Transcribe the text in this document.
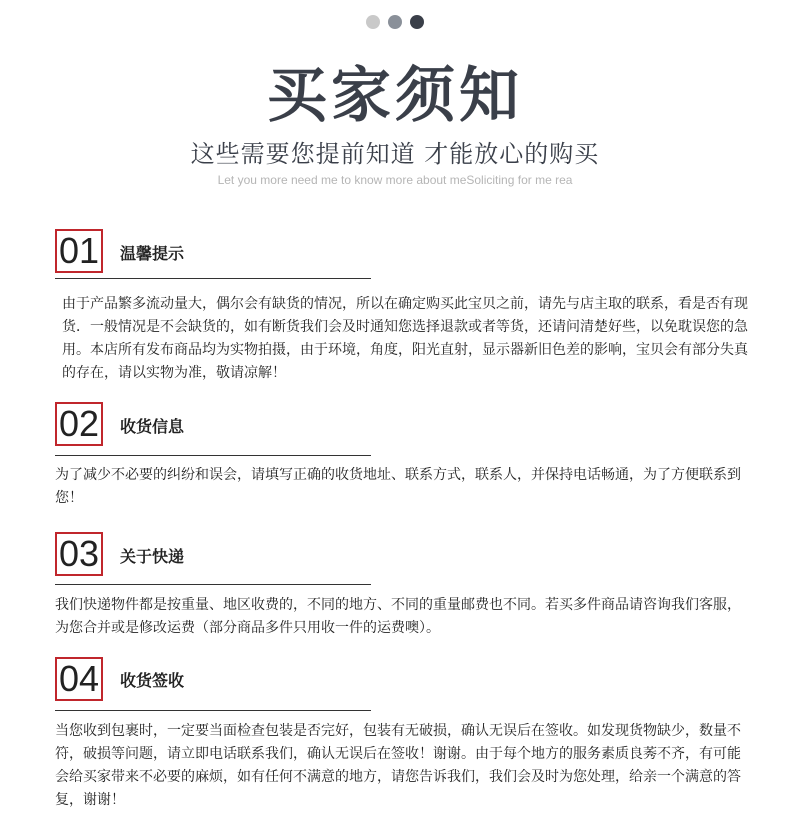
买家须知
这些需要您提前知道 才能放心的购买
Let you more need me to know more about meSoliciting for me rea
01 温馨提示
由于产品繁多流动量大，偶尔会有缺货的情况，所以在确定购买此宝贝之前，请先与店主取的联系，看是否有现货．一般情况是不会缺货的，如有断货我们会及时通知您选择退款或者等货，还请问清楚好些，以免耽误您的急用。本店所有发布商品均为实物拍摄，由于环境，角度，阳光直射，显示器新旧色差的影响，宝贝会有部分失真的存在，请以实物为准，敬请凉解！
02 收货信息
为了减少不必要的纠纷和误会，请填写正确的收货地址、联系方式，联系人，并保持电话畅通，为了方便联系到您！
03 关于快递
我们快递物件都是按重量、地区收费的，不同的地方、不同的重量邮费也不同。若买多件商品请咨询我们客服，为您合并或是修改运费（部分商品多件只用收一件的运费噢）。
04 收货签收
当您收到包裹时，一定要当面检查包装是否完好，包装有无破损，确认无误后在签收。如发现货物缺少，数量不符，破损等问题，请立即电话联系我们，确认无误后在签收！谢谢。由于每个地方的服务素质良莠不齐，有可能会给买家带来不必要的麻烦，如有任何不满意的地方，请您告诉我们，我们会及时为您处理，给亲一个满意的答复，谢谢！
